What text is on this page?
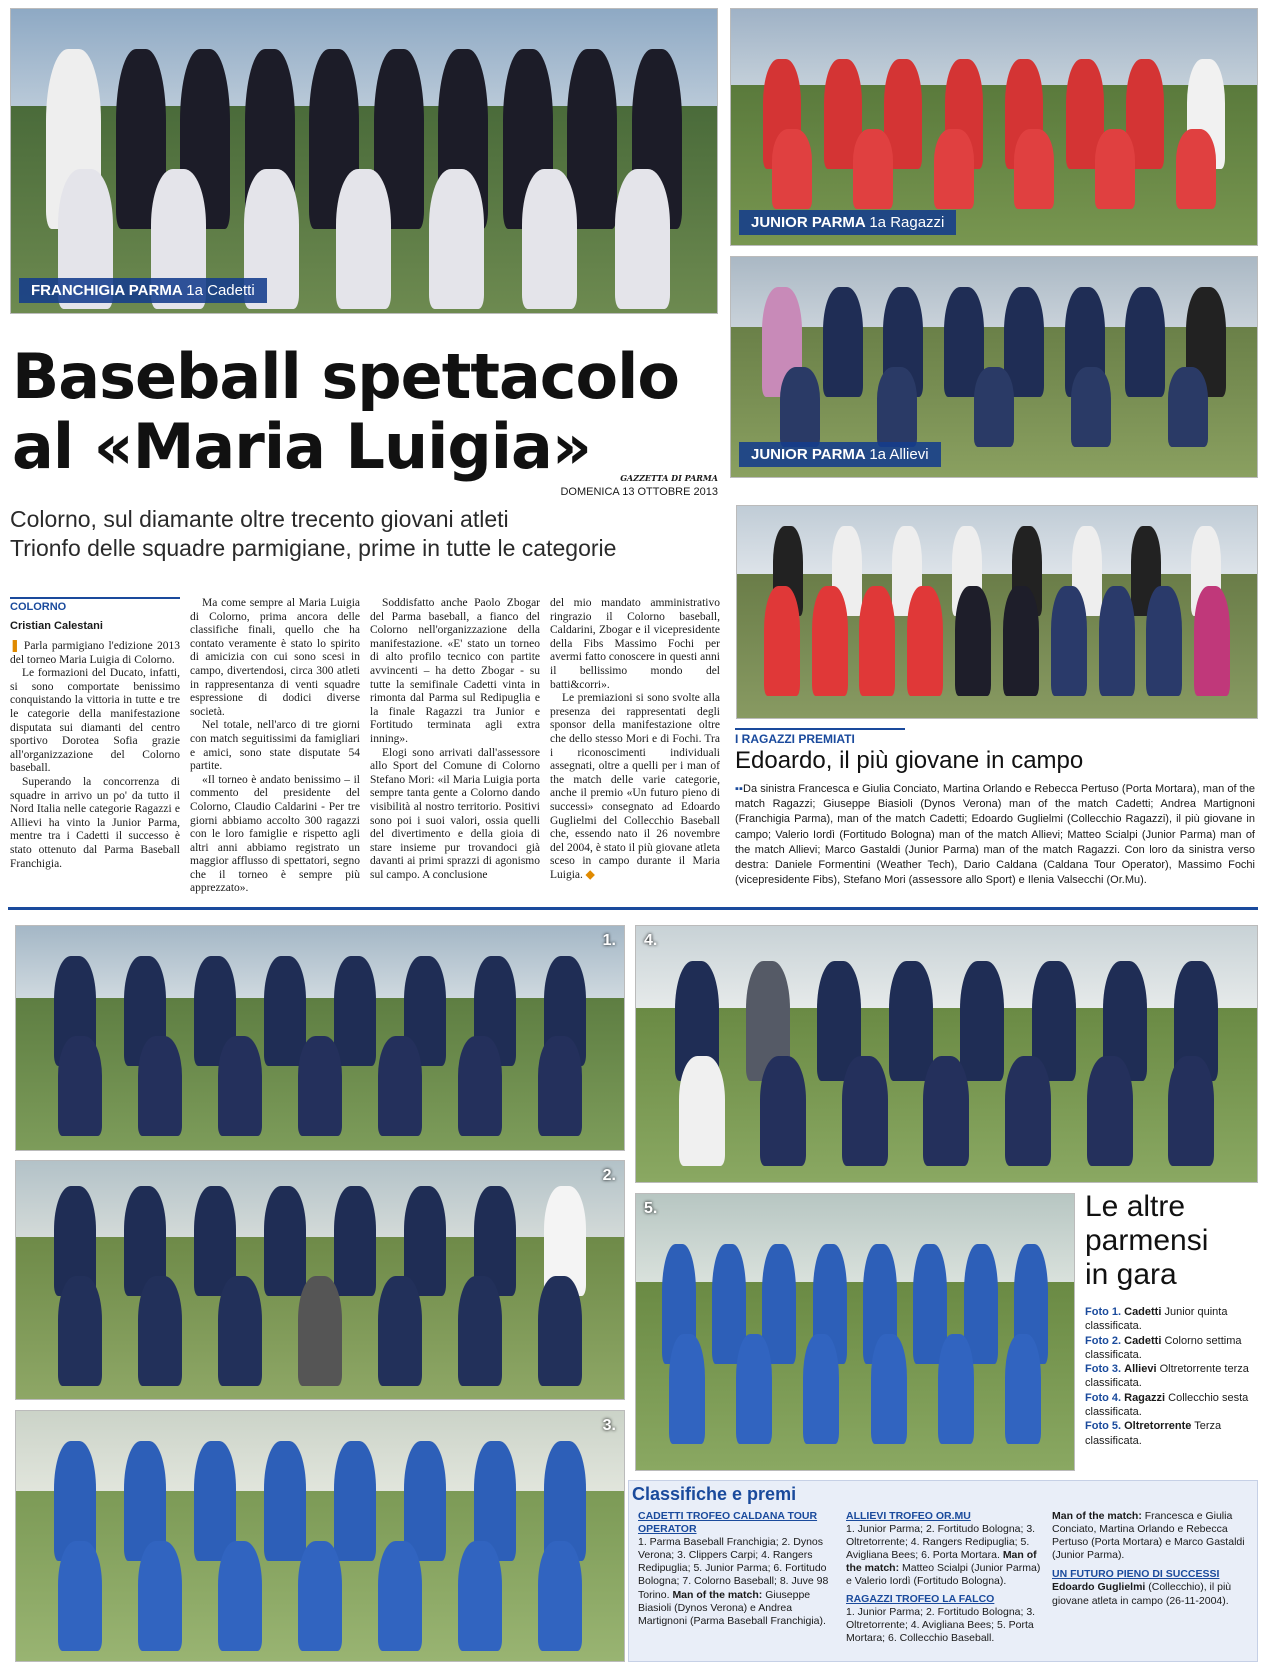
FRANCHIGIA PARMA 1a Cadetti
JUNIOR PARMA 1a Ragazzi
JUNIOR PARMA 1a Allievi
Baseball spettacolo
al «Maria Luigia»	GAZZETTA DI PARMA
DOMENICA 13 OTTOBRE 2013
Colorno, sul diamante oltre trecento giovani atleti
Trionfo delle squadre parmigiane, prime in tutte le categorie
COLORNO
Cristian Calestani

❚ Parla parmigiano l'edizione 2013 del torneo Maria Luigia di Colorno.

Le formazioni del Ducato, infatti, si sono comportate benissimo conquistando la vittoria in tutte e tre le categorie della manifestazione disputata sui diamanti del centro sportivo Dorotea Sofia grazie all'organizzazione del Colorno baseball.

Superando la concorrenza di squadre in arrivo un po' da tutto il Nord Italia nelle categorie Ragazzi e Allievi ha vinto la Junior Parma, mentre tra i Cadetti il successo è stato ottenuto dal Parma Baseball Franchigia.

Ma come sempre al Maria Luigia di Colorno, prima ancora delle classifiche finali, quello che ha contato veramente è stato lo spirito di amicizia con cui sono scesi in campo, divertendosi, circa 300 atleti in rappresentanza di venti squadre espressione di dodici diverse società.

Nel totale, nell'arco di tre giorni con match seguitissimi da famigliari e amici, sono state disputate 54 partite.

«Il torneo è andato benissimo – il commento del presidente del Colorno, Claudio Caldarini - Per tre giorni abbiamo accolto 300 ragazzi con le loro famiglie e rispetto agli altri anni abbiamo registrato un maggior afflusso di spettatori, segno che il torneo è sempre più apprezzato».

Soddisfatto anche Paolo Zbogar del Parma baseball, a fianco del Colorno nell'organizzazione della manifestazione. «E' stato un torneo di alto profilo tecnico con partite avvincenti – ha detto Zbogar - su tutte la semifinale Cadetti vinta in rimonta dal Parma sul Redipuglia e la finale Ragazzi tra Junior e Fortitudo terminata agli extra inning».

Elogi sono arrivati dall'assessore allo Sport del Comune di Colorno Stefano Mori: «il Maria Luigia porta sempre tanta gente a Colorno dando visibilità al nostro territorio. Positivi sono poi i suoi valori, ossia quelli del divertimento e della gioia di stare insieme pur trovandoci già davanti ai primi sprazzi di agonismo sul campo. A conclusione

del mio mandato amministrativo ringrazio il Colorno baseball, Caldarini, Zbogar e il vicepresidente della Fibs Massimo Fochi per avermi fatto conoscere in questi anni il bellissimo mondo del batti&corri».

Le premiazioni si sono svolte alla presenza dei rappresentati degli sponsor della manifestazione oltre che dello stesso Mori e di Fochi. Tra i riconoscimenti individuali assegnati, oltre a quelli per i man of the match delle varie categorie, anche il premio «Un futuro pieno di successi» consegnato ad Edoardo Guglielmi del Collecchio Baseball che, essendo nato il 26 novembre del 2004, è stato il più giovane atleta sceso in campo durante il Maria Luigia. ◆

I RAGAZZI PREMIATI
Edoardo, il più giovane in campo
▪▪Da sinistra Francesca e Giulia Conciato, Martina Orlando e Rebecca Pertuso (Porta Mortara), man of the match Ragazzi; Giuseppe Biasioli (Dynos Verona) man of the match Cadetti; Andrea Martignoni (Franchigia Parma), man of the match Cadetti; Edoardo Guglielmi (Collecchio Ragazzi), il più giovane in campo; Valerio Iordì (Fortitudo Bologna) man of the match Allievi; Matteo Scialpi (Junior Parma) man of the match Allievi; Marco Gastaldi (Junior Parma) man of the match Ragazzi. Con loro da sinistra verso destra: Daniele Formentini (Weather Tech), Dario Caldana (Caldana Tour Operator), Massimo Fochi (vicepresidente Fibs), Stefano Mori (assessore allo Sport) e Ilenia Valsecchi (Or.Mu).
1.
2.
3.
4.
5.	Le altre
parmensi
in gara
Foto 1. Cadetti Junior quinta classificata.
Foto 2. Cadetti Colorno settima classificata.
Foto 3. Allievi Oltretorrente terza classificata.
Foto 4. Ragazzi Collecchio sesta classificata.
Foto 5. Oltretorrente Terza classificata.
Classifiche e premi
CADETTI TROFEO CALDANA TOUR OPERATOR
1. Parma Baseball Franchigia; 2. Dynos Verona; 3. Clippers Carpi; 4. Rangers Redipuglia; 5. Junior Parma; 6. Fortitudo Bologna; 7. Colorno Baseball; 8. Juve 98 Torino. Man of the match: Giuseppe Biasioli (Dynos Verona) e Andrea Martignoni (Parma Baseball Franchigia).
ALLIEVI TROFEO OR.MU
1. Junior Parma; 2. Fortitudo Bologna; 3. Oltretorrente; 4. Rangers Redipuglia; 5. Avigliana Bees; 6. Porta Mortara. Man of the match: Matteo Scialpi (Junior Parma) e Valerio Iordì (Fortitudo Bologna).
RAGAZZI TROFEO LA FALCO
1. Junior Parma; 2. Fortitudo Bologna; 3. Oltretorrente; 4. Avigliana Bees; 5. Porta Mortara; 6. Collecchio Baseball.
Man of the match: Francesca e Giulia Conciato, Martina Orlando e Rebecca Pertuso (Porta Mortara) e Marco Gastaldi (Junior Parma).
UN FUTURO PIENO DI SUCCESSI
Edoardo Guglielmi (Collecchio), il più giovane atleta in campo (26-11-2004).
